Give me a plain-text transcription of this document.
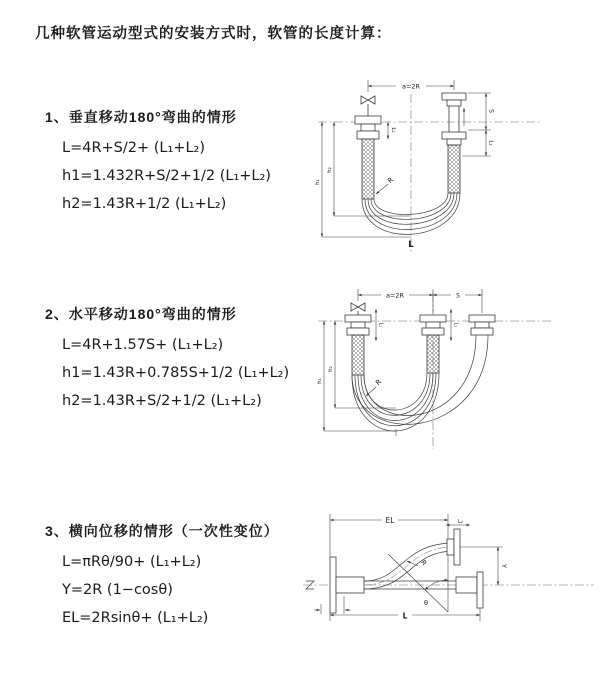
几种软管运动型式的安装方式时，软管的长度计算：
1、垂直移动180°弯曲的情形
L=4R+S/2+ (L₁+L₂)
h1=1.432R+S/2+1/2 (L₁+L₂)
h2=1.43R+1/2 (L₁+L₂)
2、水平移动180°弯曲的情形
L=4R+1.57S+ (L₁+L₂)
h1=1.43R+0.785S+1/2 (L₁+L₂)
h2=1.43R+S/2+1/2 (L₁+L₂)
3、横向位移的情形（一次性变位）
L=πRθ/90+ (L₁+L₂)
Y=2R (1−cosθ)
EL=2Rsinθ+ (L₁+L₂)
a=2R
S
L₂
L₁
h₁
h₂
R
L
a=2R	S
L₁	L₂
h₁
h₂
R
EL
L
L₂
Y
R
θ
